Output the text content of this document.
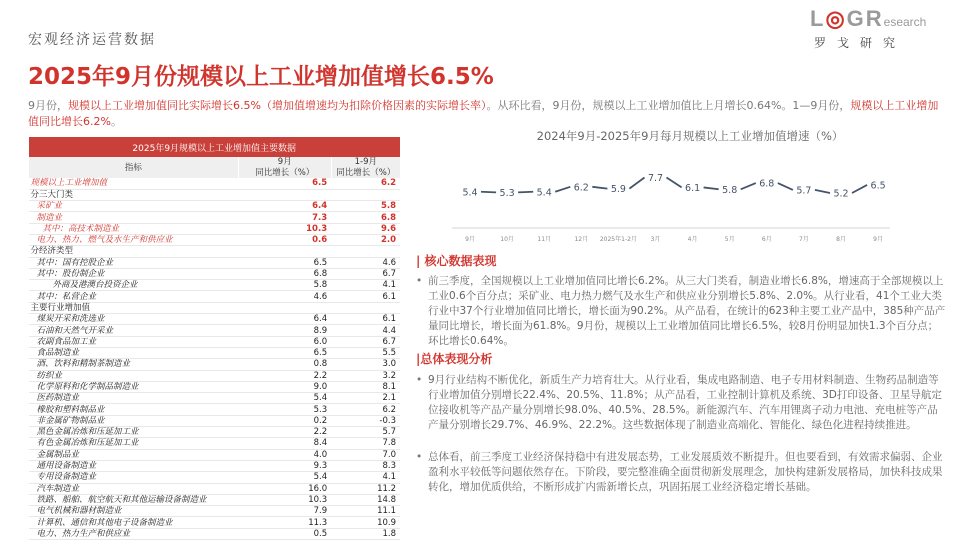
宏观经济运营数据
2025年9月份规模以上工业增加值增长6.5%
L◎GResearch
罗戈研究
9月份，规模以上工业增加值同比实际增长6.5%（增加值增速均为扣除价格因素的实际增长率）。从环比看，9月份，规模以上工业增加值比上月增长0.64%。1—9月份，规模以上工业增加值同比增长6.2%。
2025年9月规模以上工业增加值主要数据
指标	9月	1-9月
同比增长（%）	同比增长（%）
规模以上工业增加值	6.5	6.2
分三大门类		
采矿业	6.4	5.8
制造业	7.3	6.8
其中：高技术制造业	10.3	9.6
电力、热力、燃气及水生产和供应业	0.6	2.0
分经济类型		
其中：国有控股企业	6.5	4.6
其中：股份制企业	6.8	6.7
外商及港澳台投资企业	5.8	4.1
其中：私营企业	4.6	6.1
主要行业增加值		
煤炭开采和洗选业	6.4	6.1
石油和天然气开采业	8.9	4.4
农副食品加工业	6.0	6.7
食品制造业	6.5	5.5
酒、饮料和精制茶制造业	0.8	3.0
纺织业	2.2	3.2
化学原料和化学制品制造业	9.0	8.1
医药制造业	5.4	2.1
橡胶和塑料制品业	5.3	6.2
非金属矿物制品业	0.2	-0.3
黑色金属冶炼和压延加工业	2.2	5.7
有色金属冶炼和压延加工业	8.4	7.8
金属制品业	4.0	7.0
通用设备制造业	9.3	8.3
专用设备制造业	5.4	4.1
汽车制造业	16.0	11.2
铁路、船舶、航空航天和其他运输设备制造业	10.3	14.8
电气机械和器材制造业	7.9	11.1
计算机、通信和其他电子设备制造业	11.3	10.9
电力、热力生产和供应业	0.5	1.8
2024年9月-2025年9月每月规模以上工业增加值增速（%）
5.4
9月
5.3
10月
5.4
11月
6.2
12月
5.9
2025年1-2月
7.7
3月
6.1
4月
5.8
5月
6.8
6月
5.7
7月
5.2
8月
6.5
9月
| 核心数据表现
• 前三季度，全国规模以上工业增加值同比增长6.2%。从三大门类看，制造业增长6.8%，增速高于全部规模以上工业0.6个百分点；采矿业、电力热力燃气及水生产和供应业分别增长5.8%、2.0%。从行业看，41个工业大类行业中37个行业增加值同比增长，增长面为90.2%。从产品看，在统计的623种主要工业产品中，385种产品产量同比增长，增长面为61.8%。9月份，规模以上工业增加值同比增长6.5%，较8月份明显加快1.3个百分点；环比增长0.64%。
|总体表现分析
• 9月行业结构不断优化，新质生产力培育壮大。从行业看，集成电路制造、电子专用材料制造、生物药品制造等行业增加值分别增长22.4%、20.5%、11.8%；从产品看，工业控制计算机及系统、3D打印设备、卫星导航定位接收机等产品产量分别增长98.0%、40.5%、28.5%。新能源汽车、汽车用锂离子动力电池、充电桩等产品产量分别增长29.7%、46.9%、22.2%。这些数据体现了制造业高端化、智能化、绿色化进程持续推进。
• 总体看，前三季度工业经济保持稳中有进发展态势，工业发展质效不断提升。但也要看到，有效需求偏弱、企业盈利水平较低等问题依然存在。下阶段，要完整准确全面贯彻新发展理念，加快构建新发展格局，加快科技成果转化，增加优质供给，不断形成扩内需新增长点，巩固拓展工业经济稳定增长基础。
